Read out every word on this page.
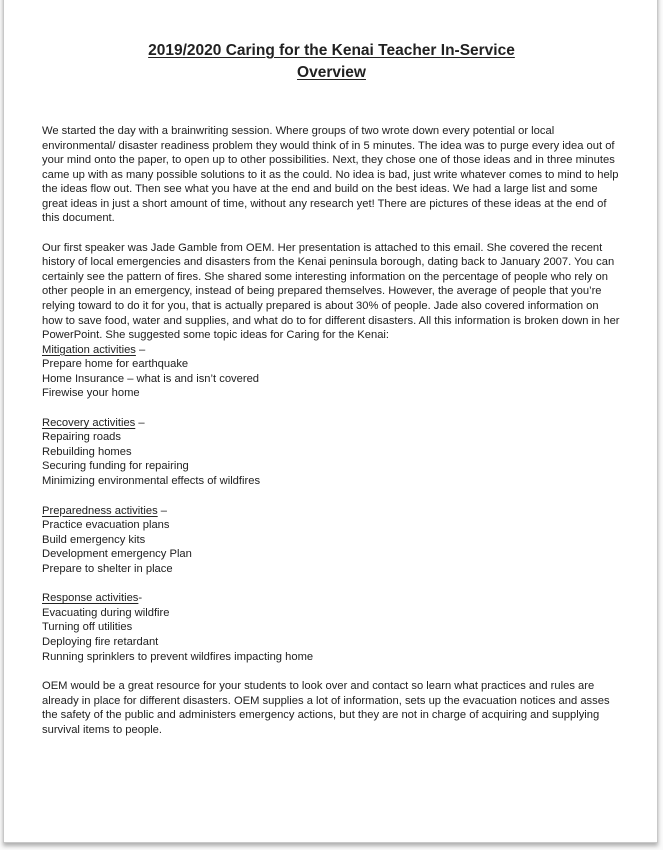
2019/2020 Caring for the Kenai Teacher In-Service
Overview

We started the day with a brainwriting session. Where groups of two wrote down every potential or local environmental/ disaster readiness problem they would think of in 5 minutes. The idea was to purge every idea out of your mind onto the paper, to open up to other possibilities. Next, they chose one of those ideas and in three minutes came up with as many possible solutions to it as the could. No idea is bad, just write whatever comes to mind to help the ideas flow out. Then see what you have at the end and build on the best ideas. We had a large list and some great ideas in just a short amount of time, without any research yet! There are pictures of these ideas at the end of this document.

Our first speaker was Jade Gamble from OEM. Her presentation is attached to this email. She covered the recent history of local emergencies and disasters from the Kenai peninsula borough, dating back to January 2007. You can certainly see the pattern of fires. She shared some interesting information on the percentage of people who rely on other people in an emergency, instead of being prepared themselves. However, the average of people that you’re relying toward to do it for you, that is actually prepared is about 30% of people. Jade also covered information on how to save food, water and supplies, and what do to for different disasters. All this information is broken down in her PowerPoint. She suggested some topic ideas for Caring for the Kenai:

Mitigation activities –
Prepare home for earthquake
Home Insurance – what is and isn’t covered
Firewise your home
Recovery activities –
Repairing roads
Rebuilding homes
Securing funding for repairing
Minimizing environmental effects of wildfires
Preparedness activities –
Practice evacuation plans
Build emergency kits
Development emergency Plan
Prepare to shelter in place
Response activities-
Evacuating during wildfire
Turning off utilities
Deploying fire retardant
Running sprinklers to prevent wildfires impacting home

OEM would be a great resource for your students to look over and contact so learn what practices and rules are already in place for different disasters. OEM supplies a lot of information, sets up the evacuation notices and asses the safety of the public and administers emergency actions, but they are not in charge of acquiring and supplying survival items to people.
